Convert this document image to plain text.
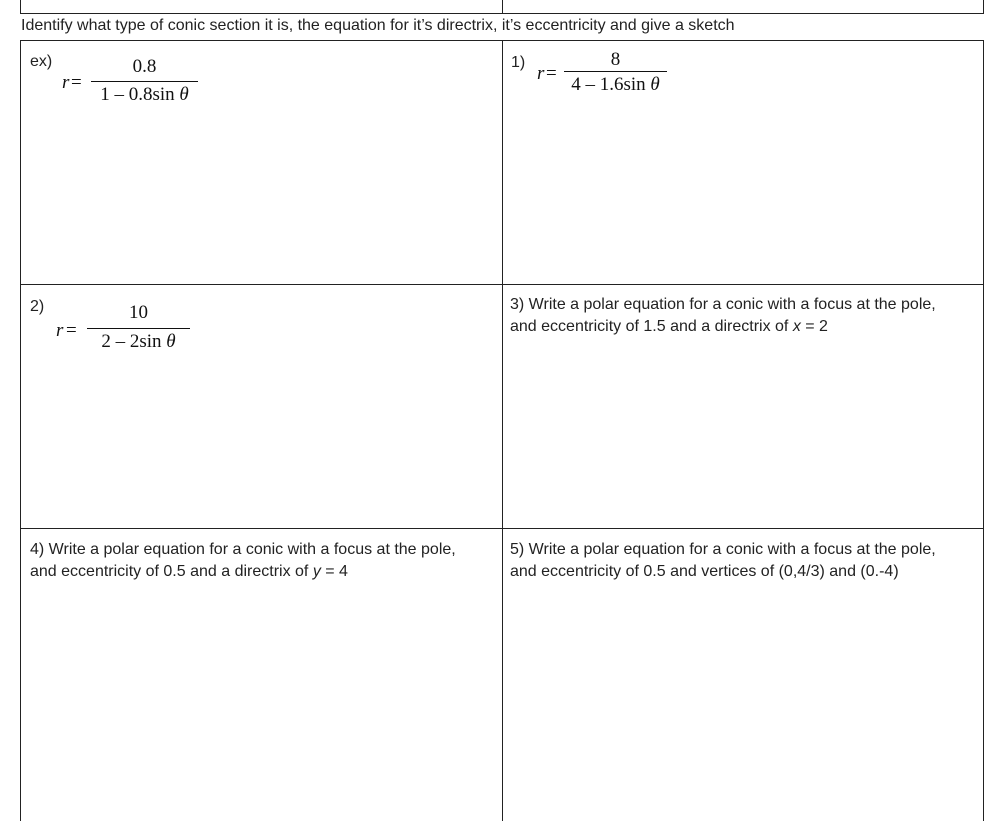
Identify what type of conic section it is, the equation for it’s directrix, it’s eccentricity and give a sketch
ex)
r =
0.8
1 – 0.8sin θ
1)
r =
8
4 – 1.6sin θ
2)
r =
10
2 – 2sin θ
3) Write a polar equation for a conic with a focus at the pole, and eccentricity of 1.5 and a directrix of x = 2
4) Write a polar equation for a conic with a focus at the pole, and eccentricity of 0.5 and a directrix of y = 4
5) Write a polar equation for a conic with a focus at the pole, and eccentricity of 0.5 and vertices of (0,4/3) and (0.-4)
